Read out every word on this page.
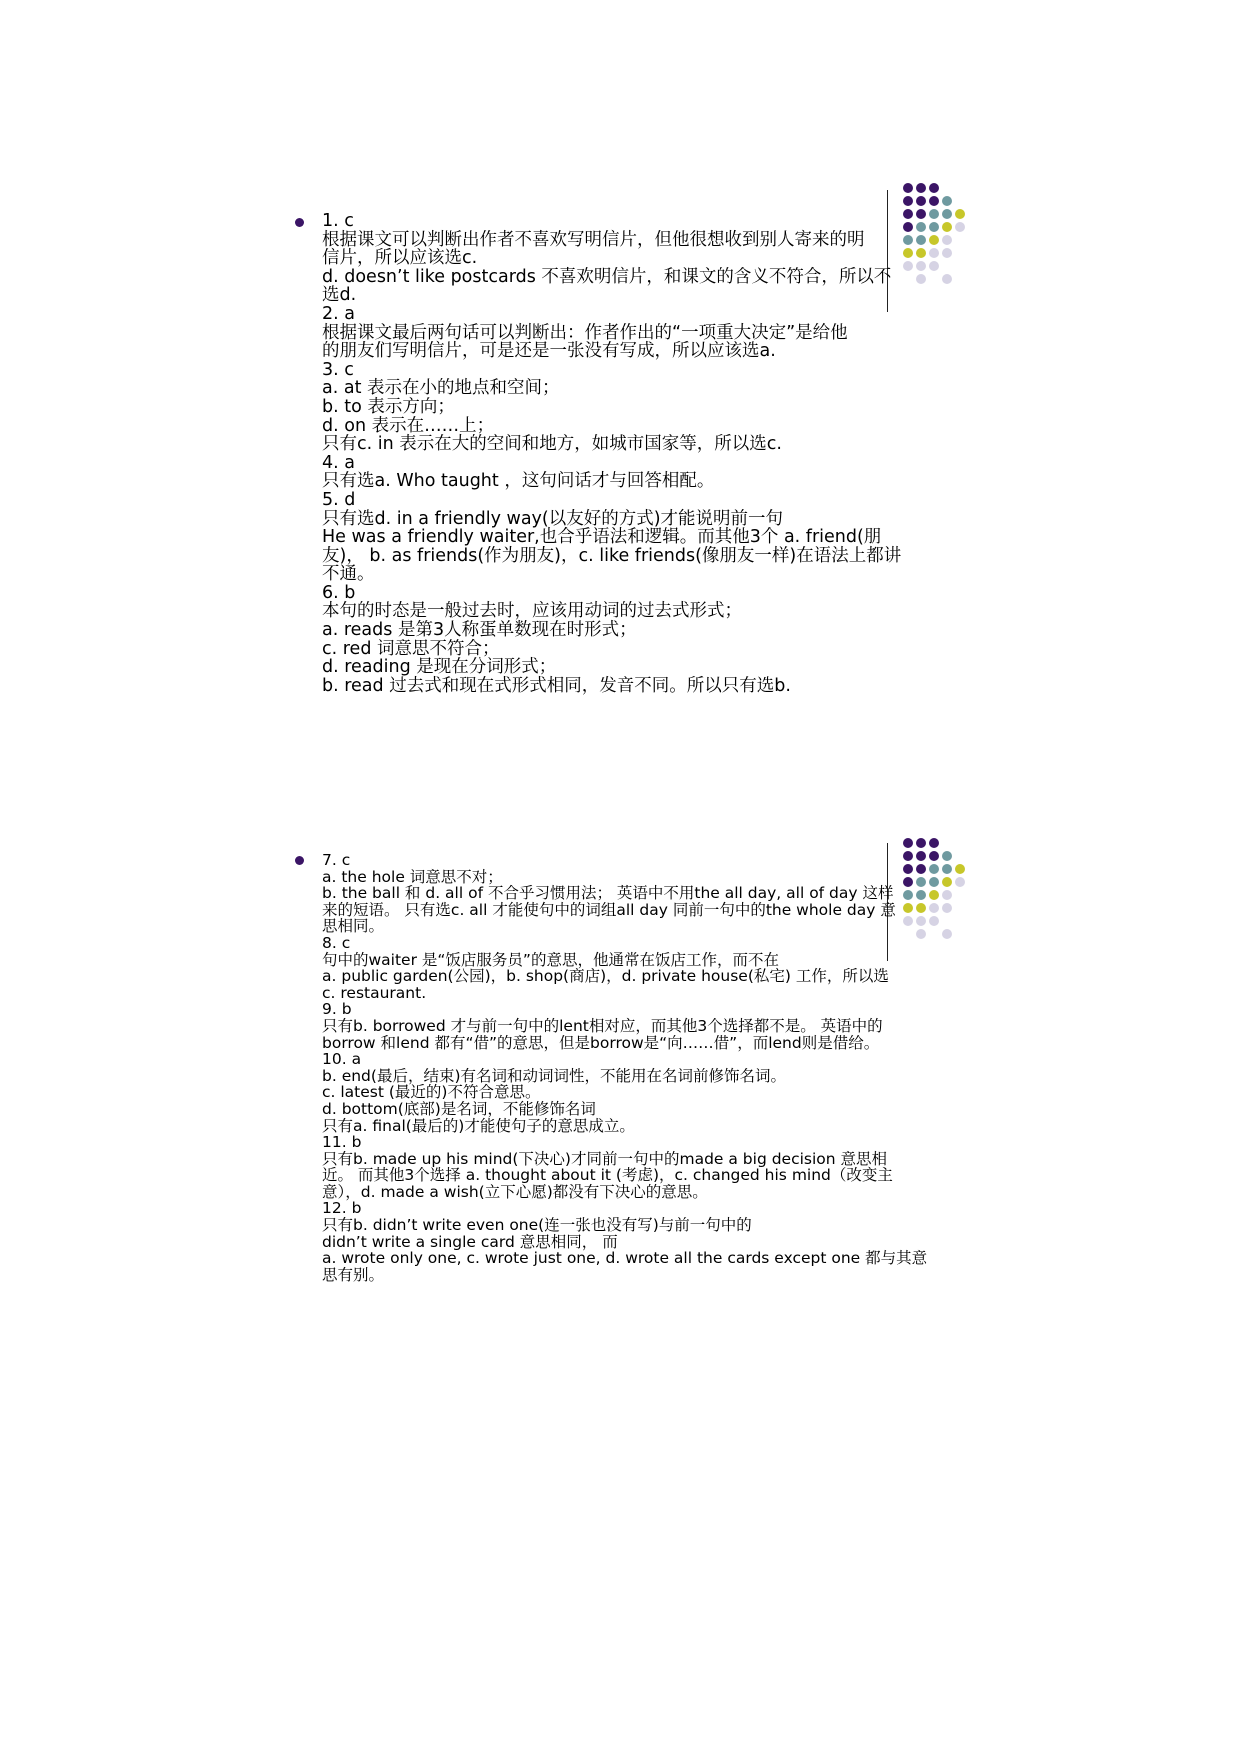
1. c
根据课文可以判断出作者不喜欢写明信片，但他很想收到别人寄来的明
信片，所以应该选c.
d. doesn’t like postcards 不喜欢明信片，和课文的含义不符合，所以不
选d.
2. a
根据课文最后两句话可以判断出：作者作出的“一项重大决定”是给他
的朋友们写明信片，可是还是一张没有写成，所以应该选a.
3. c
a. at 表示在小的地点和空间；
b. to 表示方向；
d. on 表示在……上；
只有c. in 表示在大的空间和地方，如城市国家等，所以选c.
4. a
只有选a. Who taught ，这句问话才与回答相配。
5. d
只有选d. in a friendly way(以友好的方式)才能说明前一句
He was a friendly waiter,也合乎语法和逻辑。而其他3个 a. friend(朋
友)， b. as friends(作为朋友)，c. like friends(像朋友一样)在语法上都讲
不通。
6. b
本句的时态是一般过去时，应该用动词的过去式形式；
a. reads 是第3人称蛋单数现在时形式；
c. red 词意思不符合；
d. reading 是现在分词形式；
b. read 过去式和现在式形式相同，发音不同。所以只有选b.
7. c
a. the hole 词意思不对；
b. the ball 和 d. all of 不合乎习惯用法； 英语中不用the all day, all of day 这样
来的短语。 只有选c. all 才能使句中的词组all day 同前一句中的the whole day 意
思相同。
8. c
句中的waiter 是“饭店服务员”的意思，他通常在饭店工作，而不在
a. public garden(公园)，b. shop(商店)，d. private house(私宅) 工作，所以选
c. restaurant.
9. b
只有b. borrowed 才与前一句中的lent相对应，而其他3个选择都不是。 英语中的
borrow 和lend 都有“借”的意思，但是borrow是“向……借”，而lend则是借给。
10. a
b. end(最后，结束)有名词和动词词性，不能用在名词前修饰名词。
c. latest (最近的)不符合意思。
d. bottom(底部)是名词，不能修饰名词
只有a. final(最后的)才能使句子的意思成立。
11. b
只有b. made up his mind(下决心)才同前一句中的made a big decision 意思相
近。 而其他3个选择 a. thought about it (考虑)，c. changed his mind（改变主
意），d. made a wish(立下心愿)都没有下决心的意思。
12. b
只有b. didn’t write even one(连一张也没有写)与前一句中的
didn’t write a single card 意思相同， 而
a. wrote only one, c. wrote just one, d. wrote all the cards except one 都与其意
思有别。
